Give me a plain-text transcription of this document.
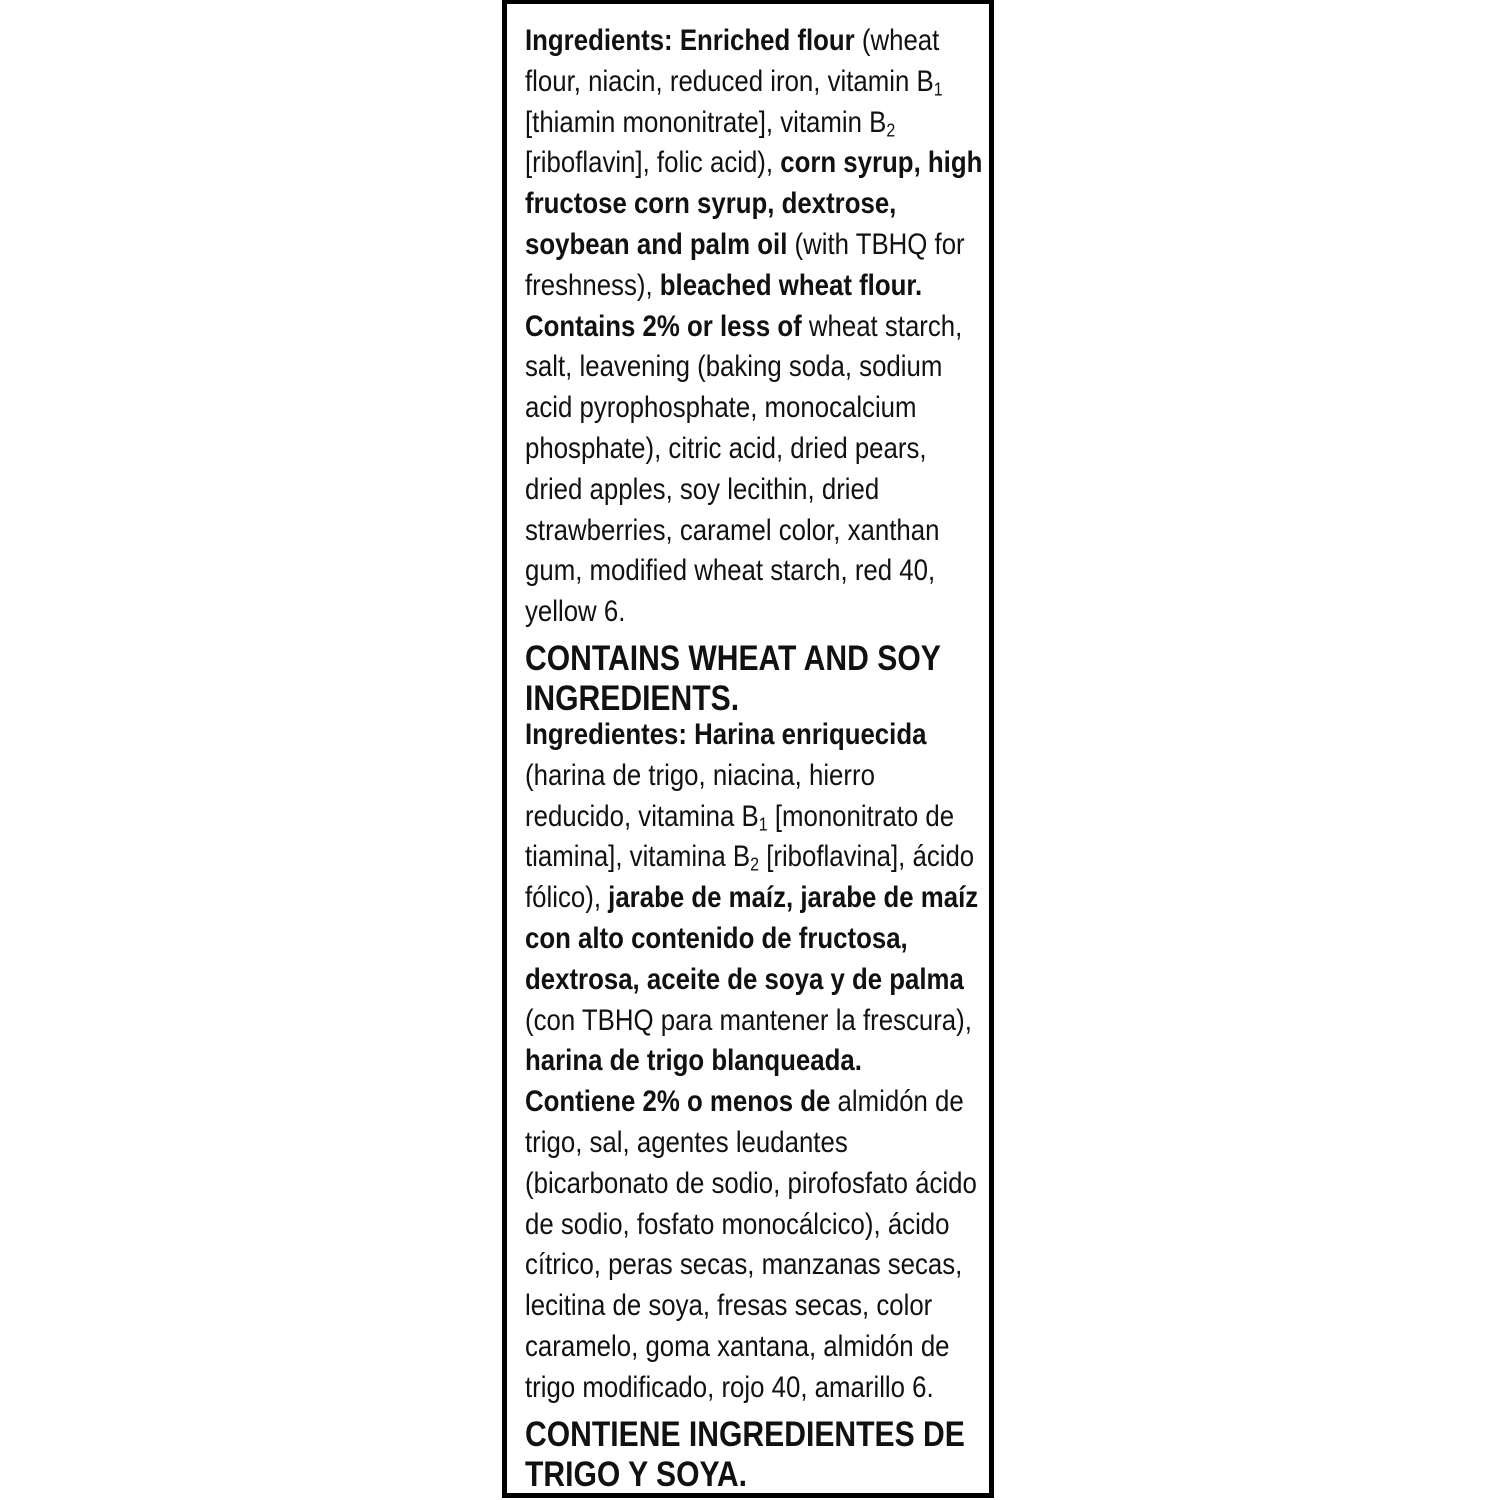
Ingredients: Enriched flour (wheat flour, niacin, reduced iron, vitamin $B_1$ [thiamin mononitrate], vitamin $B_2$ [riboflavin], folic acid), corn syrup, high fructose corn syrup, dextrose, soybean and palm oil (with TBHQ for freshness), bleached wheat flour.
Contains 2% or less of wheat starch, salt, leavening (baking soda, sodium acid pyrophosphate, monocalcium phosphate), citric acid, dried pears, dried apples, soy lecithin, dried strawberries, caramel color, xanthan gum, modified wheat starch, red 40, yellow 6.
CONTAINS WHEAT AND SOY INGREDIENTS.
Ingredientes: Harina enriquecida (harina de trigo, niacina, hierro reducido, vitamina $B_1$ [mononitrato de tiamina], vitamina $B_2$ [riboflavina], ácido fólico), jarabe de maíz, jarabe de maíz con alto contenido de fructosa, dextrosa, aceite de soya y de palma (con TBHQ para mantener la frescura), harina de trigo blanqueada.
Contiene 2% o menos de almidón de trigo, sal, agentes leudantes (bicarbonato de sodio, pirofosfato ácido de sodio, fosfato monocálcico), ácido cítrico, peras secas, manzanas secas, lecitina de soya, fresas secas, color caramelo, goma xantana, almidón de trigo modificado, rojo 40, amarillo 6.
CONTIENE INGREDIENTES DE TRIGO Y SOYA.
